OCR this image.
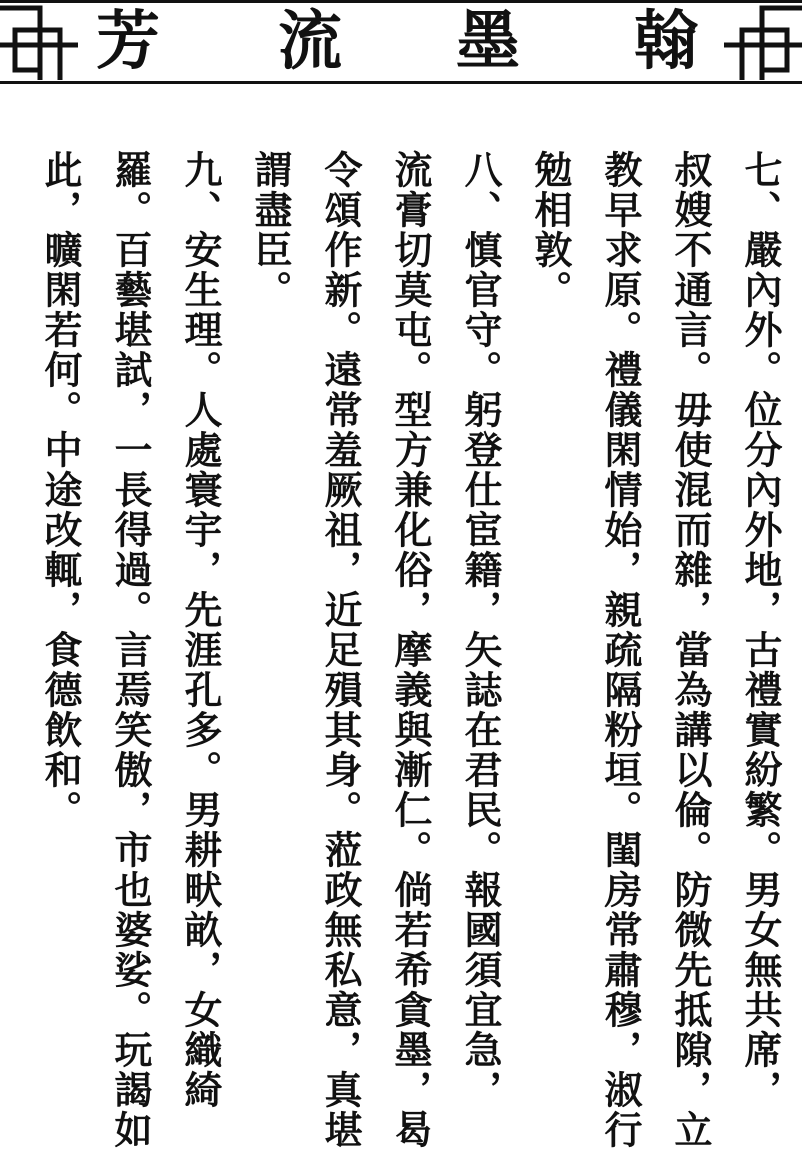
芳 流 墨 翰
七、嚴內外。位分內外地，古禮實紛繁。男女無共席，
叔嫂不通言。毋使混而雜，當為講以倫。防微先抵隙，立
教早求原。禮儀閑情始，親疏隔粉垣。閨房常肅穆，淑行
勉相敦。
八、慎官守。躬登仕宦籍，矢誌在君民。報國須宜急，
流膏切莫屯。型方兼化俗，摩義與漸仁。倘若希貪墨，曷
令頌作新。遠常羞厥祖，近足殞其身。蒞政無私意，真堪
謂盡臣。
九、安生理。人處寰宇，先涯孔多。男耕畎畝，女織綺
羅。百藝堪試，一長得過。言焉笑傲，市也婆娑。玩謁如
此，曠閑若何。中途改輒，食德飲和。
